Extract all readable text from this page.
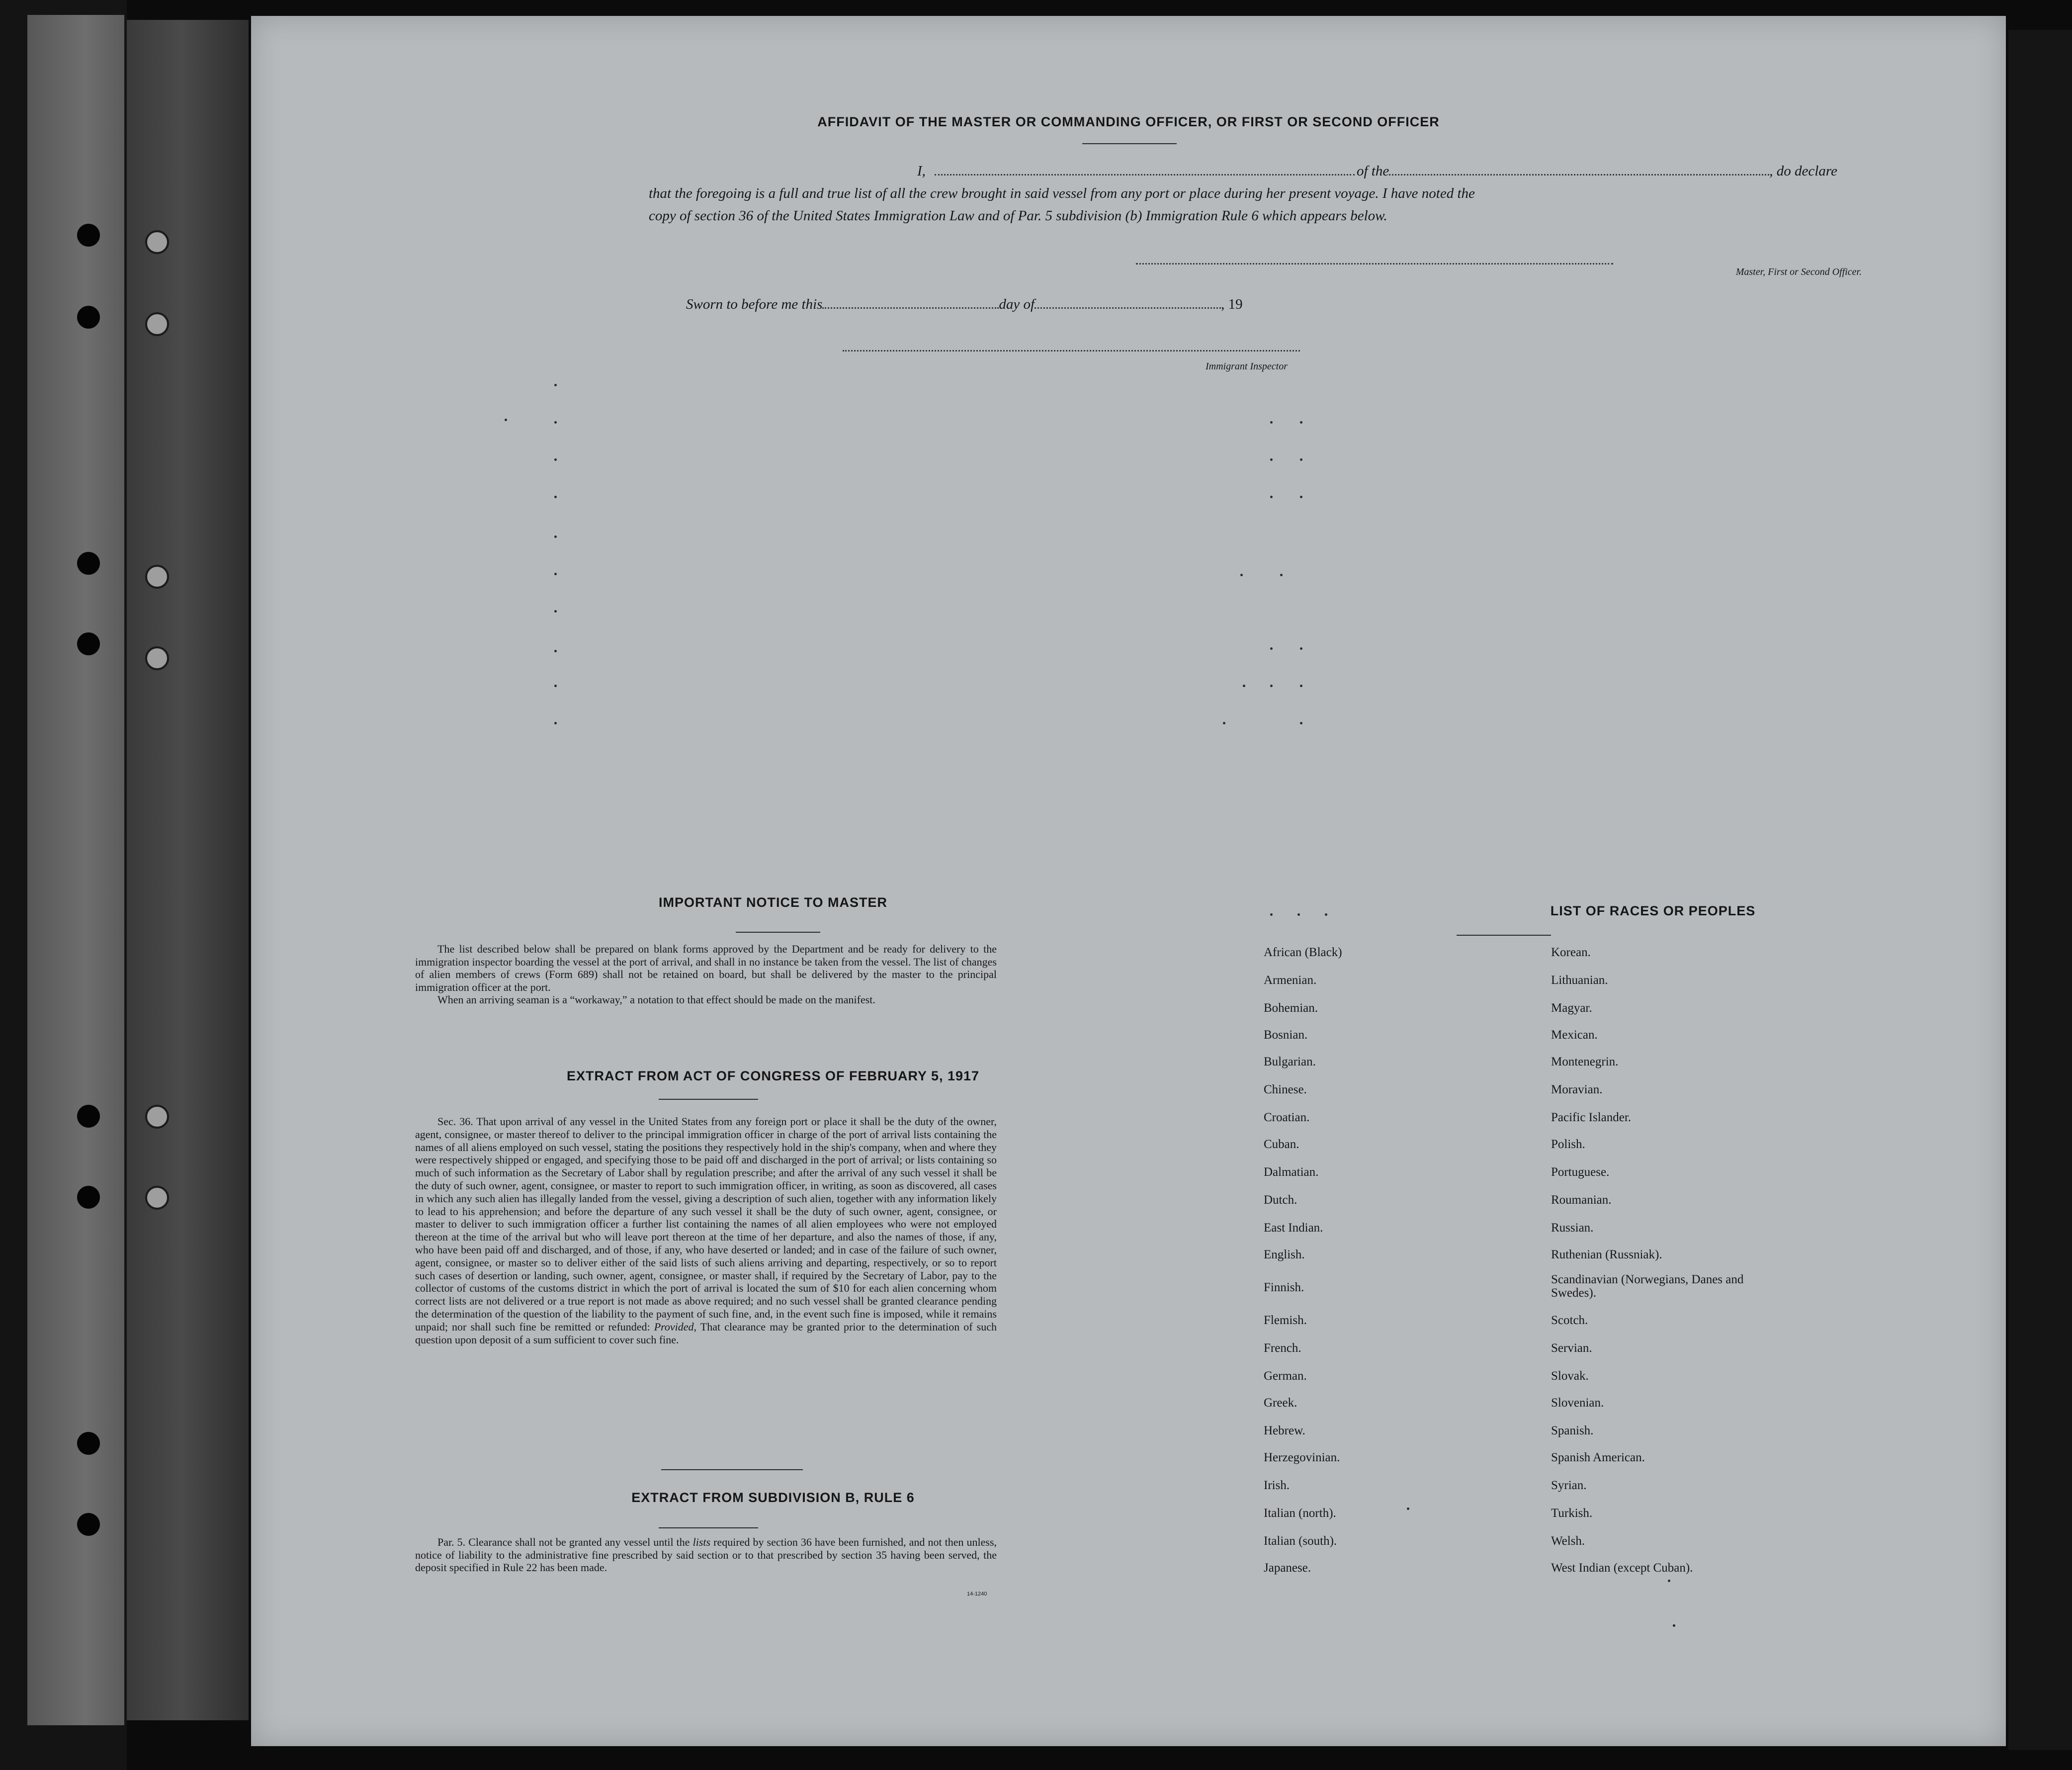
AFFIDAVIT OF THE MASTER OR COMMANDING OFFICER, OR FIRST OR SECOND OFFICER
I,	of the	, do declare
that the foregoing is a full and true list of all the crew brought in said vessel from any port or place during her present voyage. I have noted the
copy of section 36 of the United States Immigration Law and of Par. 5 subdivision (b) Immigration Rule 6 which appears below.
Master, First or Second Officer.
Sworn to before me this	day of	, 19
Immigrant Inspector
IMPORTANT NOTICE TO MASTER
The list described below shall be prepared on blank forms approved by the Department and be ready for delivery to the immigration inspector boarding the vessel at the port of arrival, and shall in no instance be taken from the vessel. The list of changes of alien members of crews (Form 689) shall not be retained on board, but shall be delivered by the master to the principal immigration officer at the port.
When an arriving seaman is a “workaway,” a notation to that effect should be made on the manifest.
EXTRACT FROM ACT OF CONGRESS OF FEBRUARY 5, 1917
Sec. 36. That upon arrival of any vessel in the United States from any foreign port or place it shall be the duty of the owner, agent, consignee, or master thereof to deliver to the principal immigration officer in charge of the port of arrival lists containing the names of all aliens employed on such vessel, stating the positions they respectively hold in the ship's company, when and where they were respectively shipped or engaged, and specifying those to be paid off and discharged in the port of arrival; or lists containing so much of such information as the Secretary of Labor shall by regulation prescribe; and after the arrival of any such vessel it shall be the duty of such owner, agent, consignee, or master to report to such immigration officer, in writing, as soon as discovered, all cases in which any such alien has illegally landed from the vessel, giving a description of such alien, together with any information likely to lead to his apprehension; and before the departure of any such vessel it shall be the duty of such owner, agent, consignee, or master to deliver to such immigration officer a further list containing the names of all alien employees who were not employed thereon at the time of the arrival but who will leave port thereon at the time of her departure, and also the names of those, if any, who have been paid off and discharged, and of those, if any, who have deserted or landed; and in case of the failure of such owner, agent, consignee, or master so to deliver either of the said lists of such aliens arriving and departing, respectively, or so to report such cases of desertion or landing, such owner, agent, consignee, or master shall, if required by the Secretary of Labor, pay to the collector of customs of the customs district in which the port of arrival is located the sum of $10 for each alien concerning whom correct lists are not delivered or a true report is not made as above required; and no such vessel shall be granted clearance pending the determination of the question of the liability to the payment of such fine, and, in the event such fine is imposed, while it remains unpaid; nor shall such fine be remitted or refunded: Provided, That clearance may be granted prior to the determination of such question upon deposit of a sum sufficient to cover such fine.
EXTRACT FROM SUBDIVISION B, RULE 6
Par. 5. Clearance shall not be granted any vessel until the lists required by section 36 have been furnished, and not then unless, notice of liability to the administrative fine prescribed by said section or to that prescribed by section 35 having been served, the deposit specified in Rule 22 has been made.
14-1240
LIST OF RACES OR PEOPLES
African (Black)
Armenian.
Bohemian.
Bosnian.
Bulgarian.
Chinese.
Croatian.
Cuban.
Dalmatian.
Dutch.
East Indian.
English.
Finnish.
Flemish.
French.
German.
Greek.
Hebrew.
Herzegovinian.
Irish.
Italian (north).
Italian (south).
Japanese.
Korean.
Lithuanian.
Magyar.
Mexican.
Montenegrin.
Moravian.
Pacific Islander.
Polish.
Portuguese.
Roumanian.
Russian.
Ruthenian (Russniak).
Scandinavian (Norwegians, Danes and Swedes).
Scotch.
Servian.
Slovak.
Slovenian.
Spanish.
Spanish American.
Syrian.
Turkish.
Welsh.
West Indian (except Cuban).
